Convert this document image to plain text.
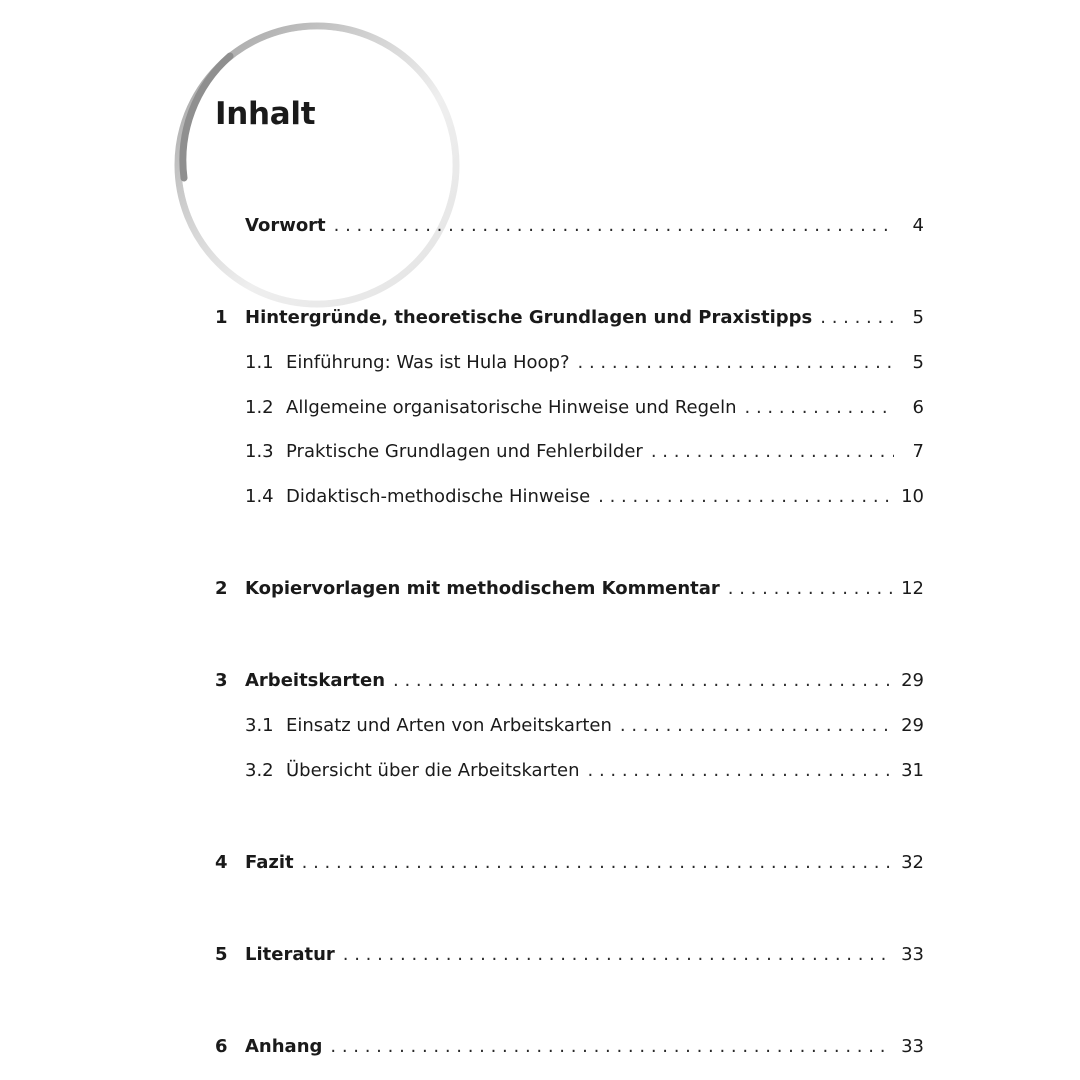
Inhalt
Vorwort . . .	4
1 Hintergründe, theoretische Grundlagen und Praxistipps . . .	5
1.1 Einführung: Was ist Hula Hoop? . . .	5
1.2 Allgemeine organisatorische Hinweise und Regeln . . .	6
1.3 Praktische Grundlagen und Fehlerbilder . . .	7
1.4 Didaktisch-methodische Hinweise . . .	10
2 Kopiervorlagen mit methodischem Kommentar . . .	12
3 Arbeitskarten . . .	29
3.1 Einsatz und Arten von Arbeitskarten . . .	29
3.2 Übersicht über die Arbeitskarten . . .	31
4 Fazit . . .	32
5 Literatur . . .	33
6 Anhang . . .	33
